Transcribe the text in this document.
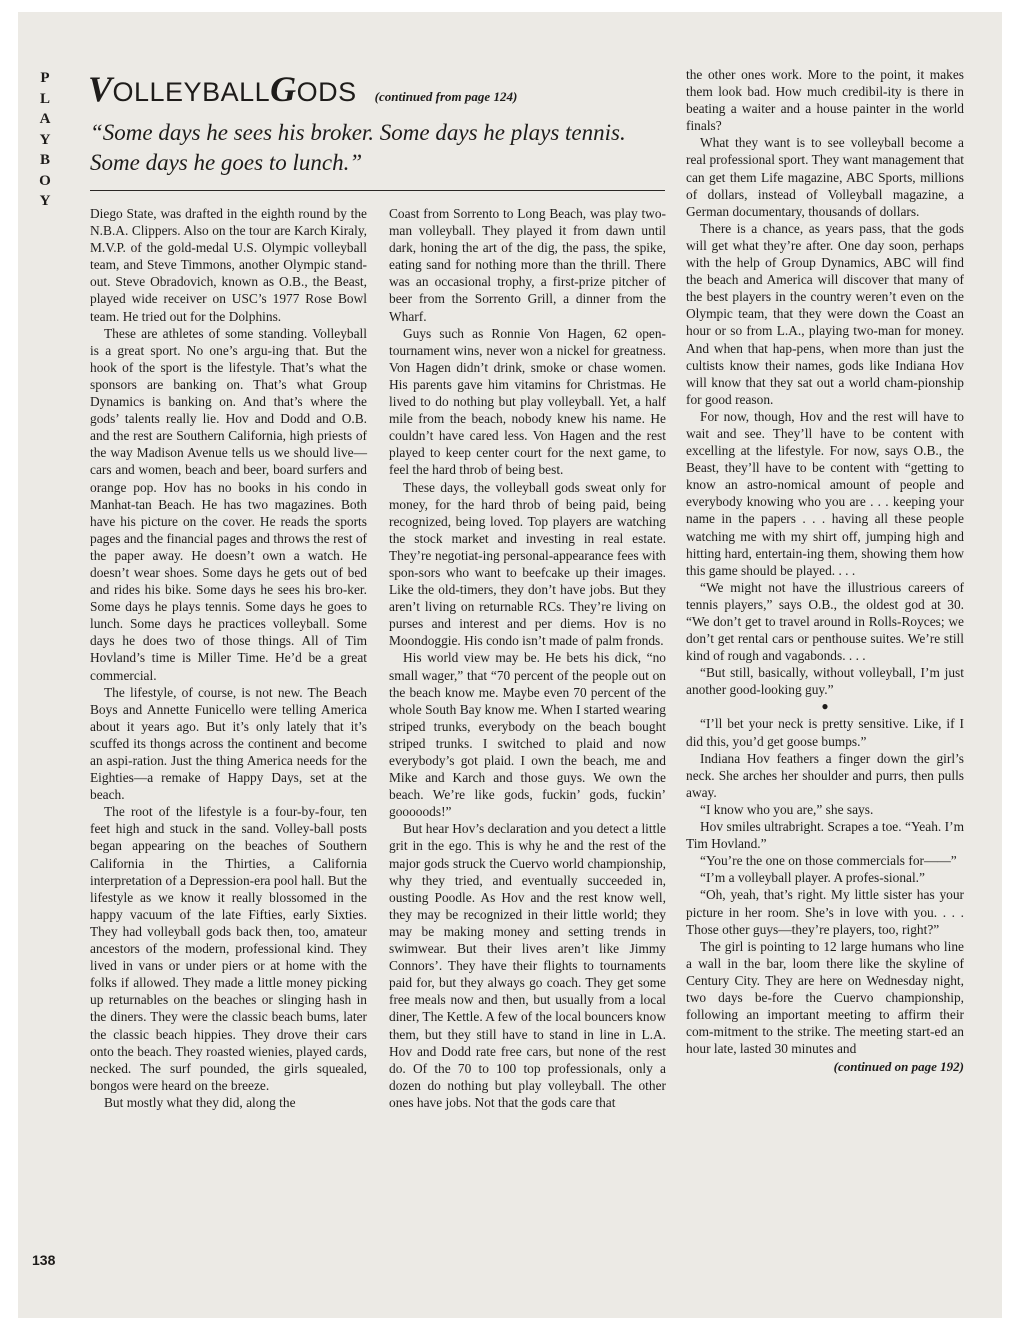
P
L
A
Y
B
O
Y
VOLLEYBALLGODS (continued from page 124)
“Some days he sees his broker. Some days he plays tennis. Some days he goes to lunch.”

Diego State, was drafted in the eighth round by the N.B.A. Clippers. Also on the tour are Karch Kiraly, M.V.P. of the gold-medal U.S. Olympic volleyball team, and Steve Timmons, another Olympic stand-out. Steve Obradovich, known as O.B., the Beast, played wide receiver on USC’s 1977 Rose Bowl team. He tried out for the Dolphins.

These are athletes of some standing. Volleyball is a great sport. No one’s argu-ing that. But the hook of the sport is the lifestyle. That’s what the sponsors are banking on. That’s what Group Dynamics is banking on. And that’s where the gods’ talents really lie. Hov and Dodd and O.B. and the rest are Southern California, high priests of the way Madison Avenue tells us we should live—cars and women, beach and beer, board surfers and orange pop. Hov has no books in his condo in Manhat-tan Beach. He has two magazines. Both have his picture on the cover. He reads the sports pages and the financial pages and throws the rest of the paper away. He doesn’t own a watch. He doesn’t wear shoes. Some days he gets out of bed and rides his bike. Some days he sees his bro-ker. Some days he plays tennis. Some days he goes to lunch. Some days he practices volleyball. Some days he does two of those things. All of Tim Hovland’s time is Miller Time. He’d be a great commercial.

The lifestyle, of course, is not new. The Beach Boys and Annette Funicello were telling America about it years ago. But it’s only lately that it’s scuffed its thongs across the continent and become an aspi-ration. Just the thing America needs for the Eighties—a remake of Happy Days, set at the beach.

The root of the lifestyle is a four-by-four, ten feet high and stuck in the sand. Volley-ball posts began appearing on the beaches of Southern California in the Thirties, a California interpretation of a Depression-era pool hall. But the lifestyle as we know it really blossomed in the happy vacuum of the late Fifties, early Sixties. They had volleyball gods back then, too, amateur ancestors of the modern, professional kind. They lived in vans or under piers or at home with the folks if allowed. They made a little money picking up returnables on the beaches or slinging hash in the diners. They were the classic beach bums, later the classic beach hippies. They drove their cars onto the beach. They roasted wienies, played cards, necked. The surf pounded, the girls squealed, bongos were heard on the breeze.

But mostly what they did, along the

Coast from Sorrento to Long Beach, was play two-man volleyball. They played it from dawn until dark, honing the art of the dig, the pass, the spike, eating sand for nothing more than the thrill. There was an occasional trophy, a first-prize pitcher of beer from the Sorrento Grill, a dinner from the Wharf.

Guys such as Ronnie Von Hagen, 62 open-tournament wins, never won a nickel for greatness. Von Hagen didn’t drink, smoke or chase women. His parents gave him vitamins for Christmas. He lived to do nothing but play volleyball. Yet, a half mile from the beach, nobody knew his name. He couldn’t have cared less. Von Hagen and the rest played to keep center court for the next game, to feel the hard throb of being best.

These days, the volleyball gods sweat only for money, for the hard throb of being paid, being recognized, being loved. Top players are watching the stock market and investing in real estate. They’re negotiat-ing personal-appearance fees with spon-sors who want to beefcake up their images. Like the old-timers, they don’t have jobs. But they aren’t living on returnable RCs. They’re living on purses and interest and per diems. Hov is no Moondoggie. His condo isn’t made of palm fronds.

His world view may be. He bets his dick, “no small wager,” that “70 percent of the people out on the beach know me. Maybe even 70 percent of the whole South Bay know me. When I started wearing striped trunks, everybody on the beach bought striped trunks. I switched to plaid and now everybody’s got plaid. I own the beach, me and Mike and Karch and those guys. We own the beach. We’re like gods, fuckin’ gods, fuckin’ gooooods!”

But hear Hov’s declaration and you detect a little grit in the ego. This is why he and the rest of the major gods struck the Cuervo world championship, why they tried, and eventually succeeded in, ousting Poodle. As Hov and the rest know well, they may be recognized in their little world; they may be making money and setting trends in swimwear. But their lives aren’t like Jimmy Connors’. They have their flights to tournaments paid for, but they always go coach. They get some free meals now and then, but usually from a local diner, The Kettle. A few of the local bouncers know them, but they still have to stand in line in L.A. Hov and Dodd rate free cars, but none of the rest do. Of the 70 to 100 top professionals, only a dozen do nothing but play volleyball. The other ones have jobs. Not that the gods care that

the other ones work. More to the point, it makes them look bad. How much credibil-ity is there in beating a waiter and a house painter in the world finals?

What they want is to see volleyball become a real professional sport. They want management that can get them Life magazine, ABC Sports, millions of dollars, instead of Volleyball magazine, a German documentary, thousands of dollars.

There is a chance, as years pass, that the gods will get what they’re after. One day soon, perhaps with the help of Group Dynamics, ABC will find the beach and America will discover that many of the best players in the country weren’t even on the Olympic team, that they were down the Coast an hour or so from L.A., playing two-man for money. And when that hap-pens, when more than just the cultists know their names, gods like Indiana Hov will know that they sat out a world cham-pionship for good reason.

For now, though, Hov and the rest will have to wait and see. They’ll have to be content with excelling at the lifestyle. For now, says O.B., the Beast, they’ll have to be content with “getting to know an astro-nomical amount of people and everybody knowing who you are . . . keeping your name in the papers . . . having all these people watching me with my shirt off, jumping high and hitting hard, entertain-ing them, showing them how this game should be played. . . .

“We might not have the illustrious careers of tennis players,” says O.B., the oldest god at 30. “We don’t get to travel around in Rolls-Royces; we don’t get rental cars or penthouse suites. We’re still kind of rough and vagabonds. . . .

“But still, basically, without volleyball, I’m just another good-looking guy.”

●

“I’ll bet your neck is pretty sensitive. Like, if I did this, you’d get goose bumps.”

Indiana Hov feathers a finger down the girl’s neck. She arches her shoulder and purrs, then pulls away.

“I know who you are,” she says.

Hov smiles ultrabright. Scrapes a toe. “Yeah. I’m Tim Hovland.”

“You’re the one on those commercials for——”

“I’m a volleyball player. A profes-sional.”

“Oh, yeah, that’s right. My little sister has your picture in her room. She’s in love with you. . . . Those other guys—they’re players, too, right?”

The girl is pointing to 12 large humans who line a wall in the bar, loom there like the skyline of Century City. They are here on Wednesday night, two days be-fore the Cuervo championship, following an important meeting to affirm their com-mitment to the strike. The meeting start-ed an hour late, lasted 30 minutes and

(continued on page 192)
138
